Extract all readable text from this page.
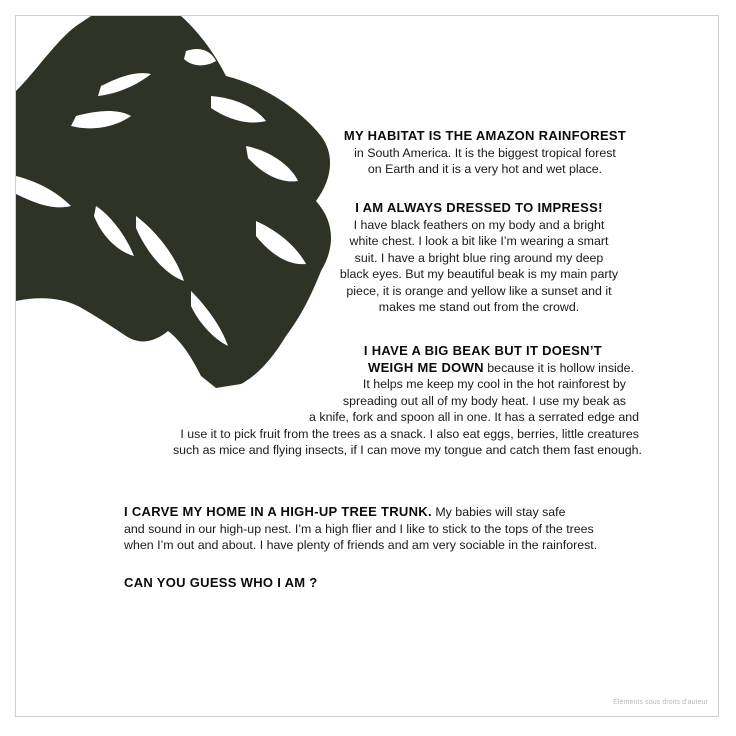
MY HABITAT IS THE AMAZON RAINFOREST
in South America. It is the biggest tropical forest
on Earth and it is a very hot and wet place.
I AM ALWAYS DRESSED TO IMPRESS!
I have black feathers on my body and a bright
white chest. I look a bit like I’m wearing a smart
suit. I have a bright blue ring around my deep
black eyes. But my beautiful beak is my main party
piece, it is orange and yellow like a sunset and it
makes me stand out from the crowd.
I HAVE A BIG BEAK BUT IT DOESN’T
WEIGH ME DOWN because it is hollow inside.
It helps me keep my cool in the hot rainforest by
spreading out all of my body heat. I use my beak as
a knife, fork and spoon all in one. It has a serrated edge and
I use it to pick fruit from the trees as a snack. I also eat eggs, berries, little creatures
such as mice and flying insects, if I can move my tongue and catch them fast enough.
I CARVE MY HOME IN A HIGH-UP TREE TRUNK. My babies will stay safe
and sound in our high-up nest. I’m a high flier and I like to stick to the tops of the trees
when I’m out and about. I have plenty of friends and am very sociable in the rainforest.
CAN YOU GUESS WHO I AM ?
Éléments sous droits d'auteur
